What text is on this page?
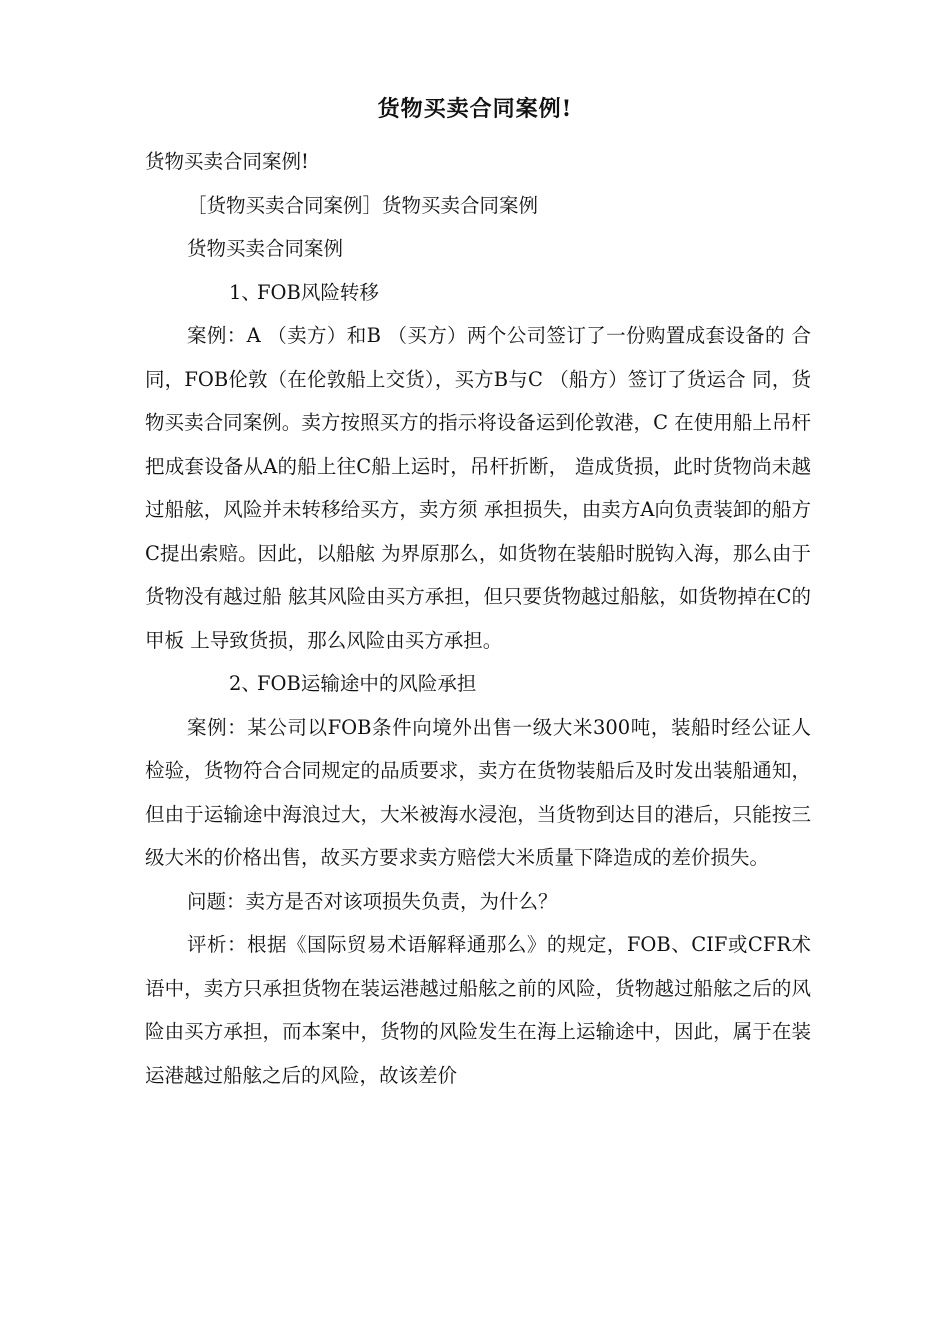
货物买卖合同案例!

货物买卖合同案例!

［货物买卖合同案例］货物买卖合同案例

货物买卖合同案例

1、FOB风险转移

案例：A （卖方）和B （买方）两个公司签订了一份购置成套设备的 合同，FOB伦敦（在伦敦船上交货），买方B与C （船方）签订了货运合 同，货物买卖合同案例。卖方按照买方的指示将设备运到伦敦港，C 在使用船上吊杆把成套设备从A的船上往C船上运时，吊杆折断， 造成货损，此时货物尚未越过船舷，风险并未转移给买方，卖方须 承担损失，由卖方A向负责装卸的船方C提出索赔。因此，以船舷 为界原那么，如货物在装船时脱钩入海，那么由于货物没有越过船 舷其风险由买方承担，但只要货物越过船舷，如货物掉在C的甲板 上导致货损，那么风险由买方承担。

2、FOB运输途中的风险承担

案例：某公司以FOB条件向境外出售一级大米300吨，装船时经公证人检验，货物符合合同规定的品质要求，卖方在货物装船后及时发出装船通知，但由于运输途中海浪过大，大米被海水浸泡，当货物到达目的港后，只能按三级大米的价格出售，故买方要求卖方赔偿大米质量下降造成的差价损失。

问题：卖方是否对该项损失负责，为什么？

评析：根据《国际贸易术语解释通那么》的规定，FOB、CIF或CFR术语中，卖方只承担货物在装运港越过船舷之前的风险，货物越过船舷之后的风险由买方承担，而本案中，货物的风险发生在海上运输途中，因此，属于在装运港越过船舷之后的风险，故该差价
